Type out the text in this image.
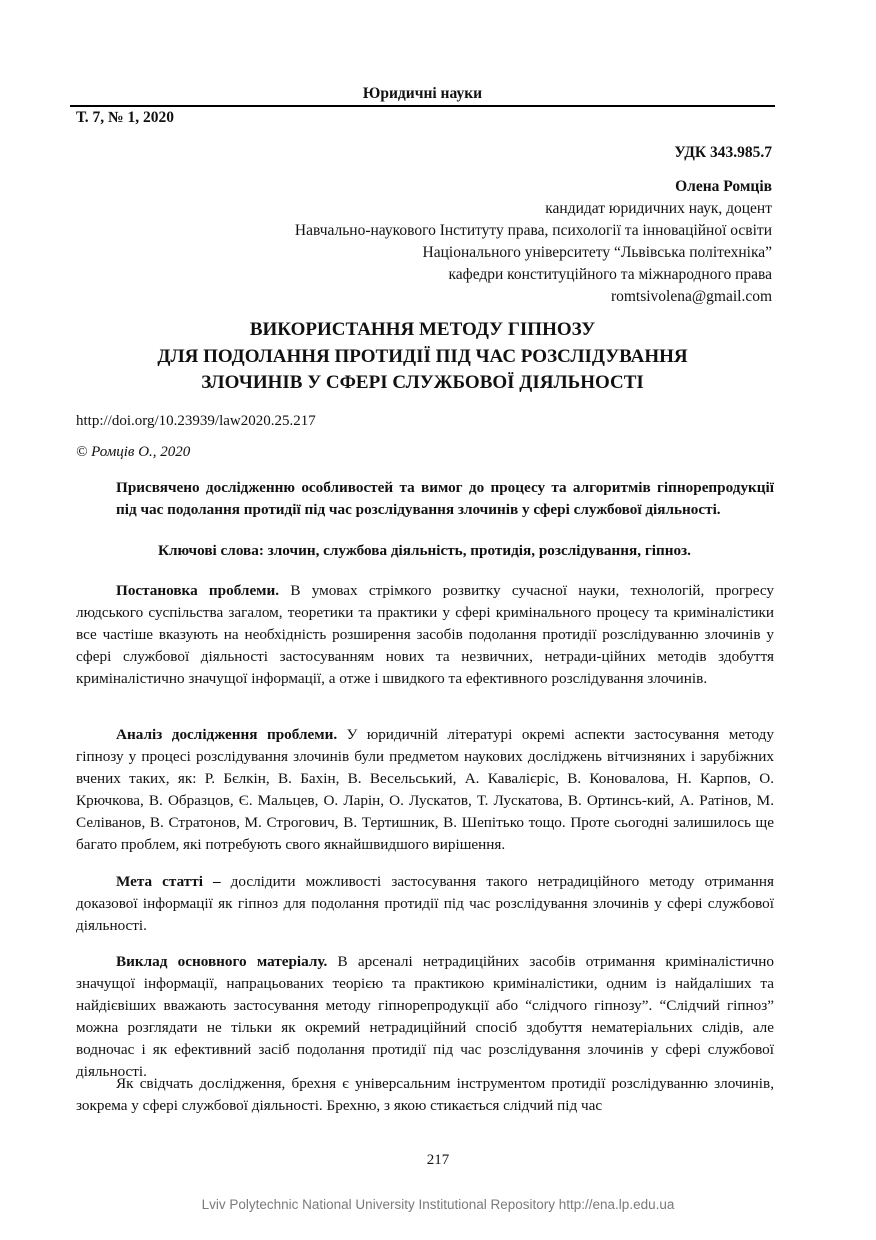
Юридичні науки
Т. 7, № 1, 2020
УДК 343.985.7
Олена Ромців
кандидат юридичних наук, доцент
Навчально-наукового Інституту права, психології та інноваційної освіти
Національного університету “Львівська політехніка”
кафедри конституційного та міжнародного права
romtsivolena@gmail.com
ВИКОРИСТАННЯ МЕТОДУ ГІПНОЗУ
ДЛЯ ПОДОЛАННЯ ПРОТИДІЇ ПІД ЧАС РОЗСЛІДУВАННЯ
ЗЛОЧИНІВ У СФЕРІ СЛУЖБОВОЇ ДІЯЛЬНОСТІ
http://doi.org/10.23939/law2020.25.217
© Ромців О., 2020
Присвячено дослідженню особливостей та вимог до процесу та алгоритмів гіпнорепродукції під час подолання протидії під час розслідування злочинів у сфері службової діяльності.
Ключові слова: злочин, службова діяльність, протидія, розслідування, гіпноз.
Постановка проблеми. В умовах стрімкого розвитку сучасної науки, технологій, прогресу людського суспільства загалом, теоретики та практики у сфері кримінального процесу та криміналістики все частіше вказують на необхідність розширення засобів подолання протидії розслідуванню злочинів у сфері службової діяльності застосуванням нових та незвичних, нетради-ційних методів здобуття криміналістично значущої інформації, а отже і швидкого та ефективного розслідування злочинів.
Аналіз дослідження проблеми. У юридичній літературі окремі аспекти застосування методу гіпнозу у процесі розслідування злочинів були предметом наукових досліджень вітчизняних і зарубіжних вчених таких, як: Р. Бєлкін, В. Бахін, В. Весельський, А. Кавалієріс, В. Коновалова, Н. Карпов, О. Крючкова, В. Образцов, Є. Мальцев, О. Ларін, О. Лускатов, Т. Лускатова, В. Ортинсь-кий, А. Ратінов, М. Селіванов, В. Стратонов, М. Строгович, В. Тертишник, В. Шепітько тощо. Проте сьогодні залишилось ще багато проблем, які потребують свого якнайшвидшого вирішення.
Мета статті – дослідити можливості застосування такого нетрадиційного методу отримання доказової інформації як гіпноз для подолання протидії під час розслідування злочинів у сфері службової діяльності.
Виклад основного матеріалу. В арсеналі нетрадиційних засобів отримання криміналістично значущої інформації, напрацьованих теорією та практикою криміналістики, одним із найдаліших та найдієвіших вважають застосування методу гіпнорепродукції або “слідчого гіпнозу”. “Слідчий гіпноз” можна розглядати не тільки як окремий нетрадиційний спосіб здобуття нематеріальних слідів, але водночас і як ефективний засіб подолання протидії під час розслідування злочинів у сфері службової діяльності.
Як свідчать дослідження, брехня є універсальним інструментом протидії розслідуванню злочинів, зокрема у сфері службової діяльності. Брехню, з якою стикається слідчий під час
217
Lviv Polytechnic National University Institutional Repository http://ena.lp.edu.ua
